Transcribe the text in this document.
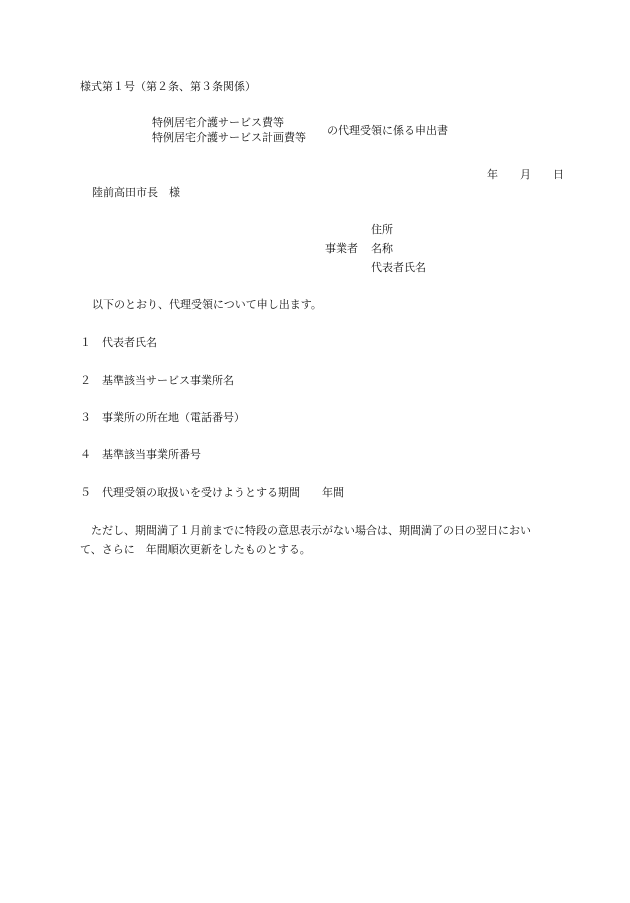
様式第１号（第２条、第３条関係）
特例居宅介護サービス費等
特例居宅介護サービス計画費等
の代理受領に係る申出書
年　　 月　　 日
陸前高田市長　様
住所
事業者 名称
代表者氏名
以下のとおり、代理受領について申し出ます。
１ 代表者氏名
２ 基準該当サービス事業所名
３ 事業所の所在地（電話番号）
４ 基準該当事業所番号
５ 代理受領の取扱いを受けようとする期間　　年間
　ただし、期間満了１月前までに特段の意思表示がない場合は、期間満了の日の翌日において、さらに　年間順次更新をしたものとする。
